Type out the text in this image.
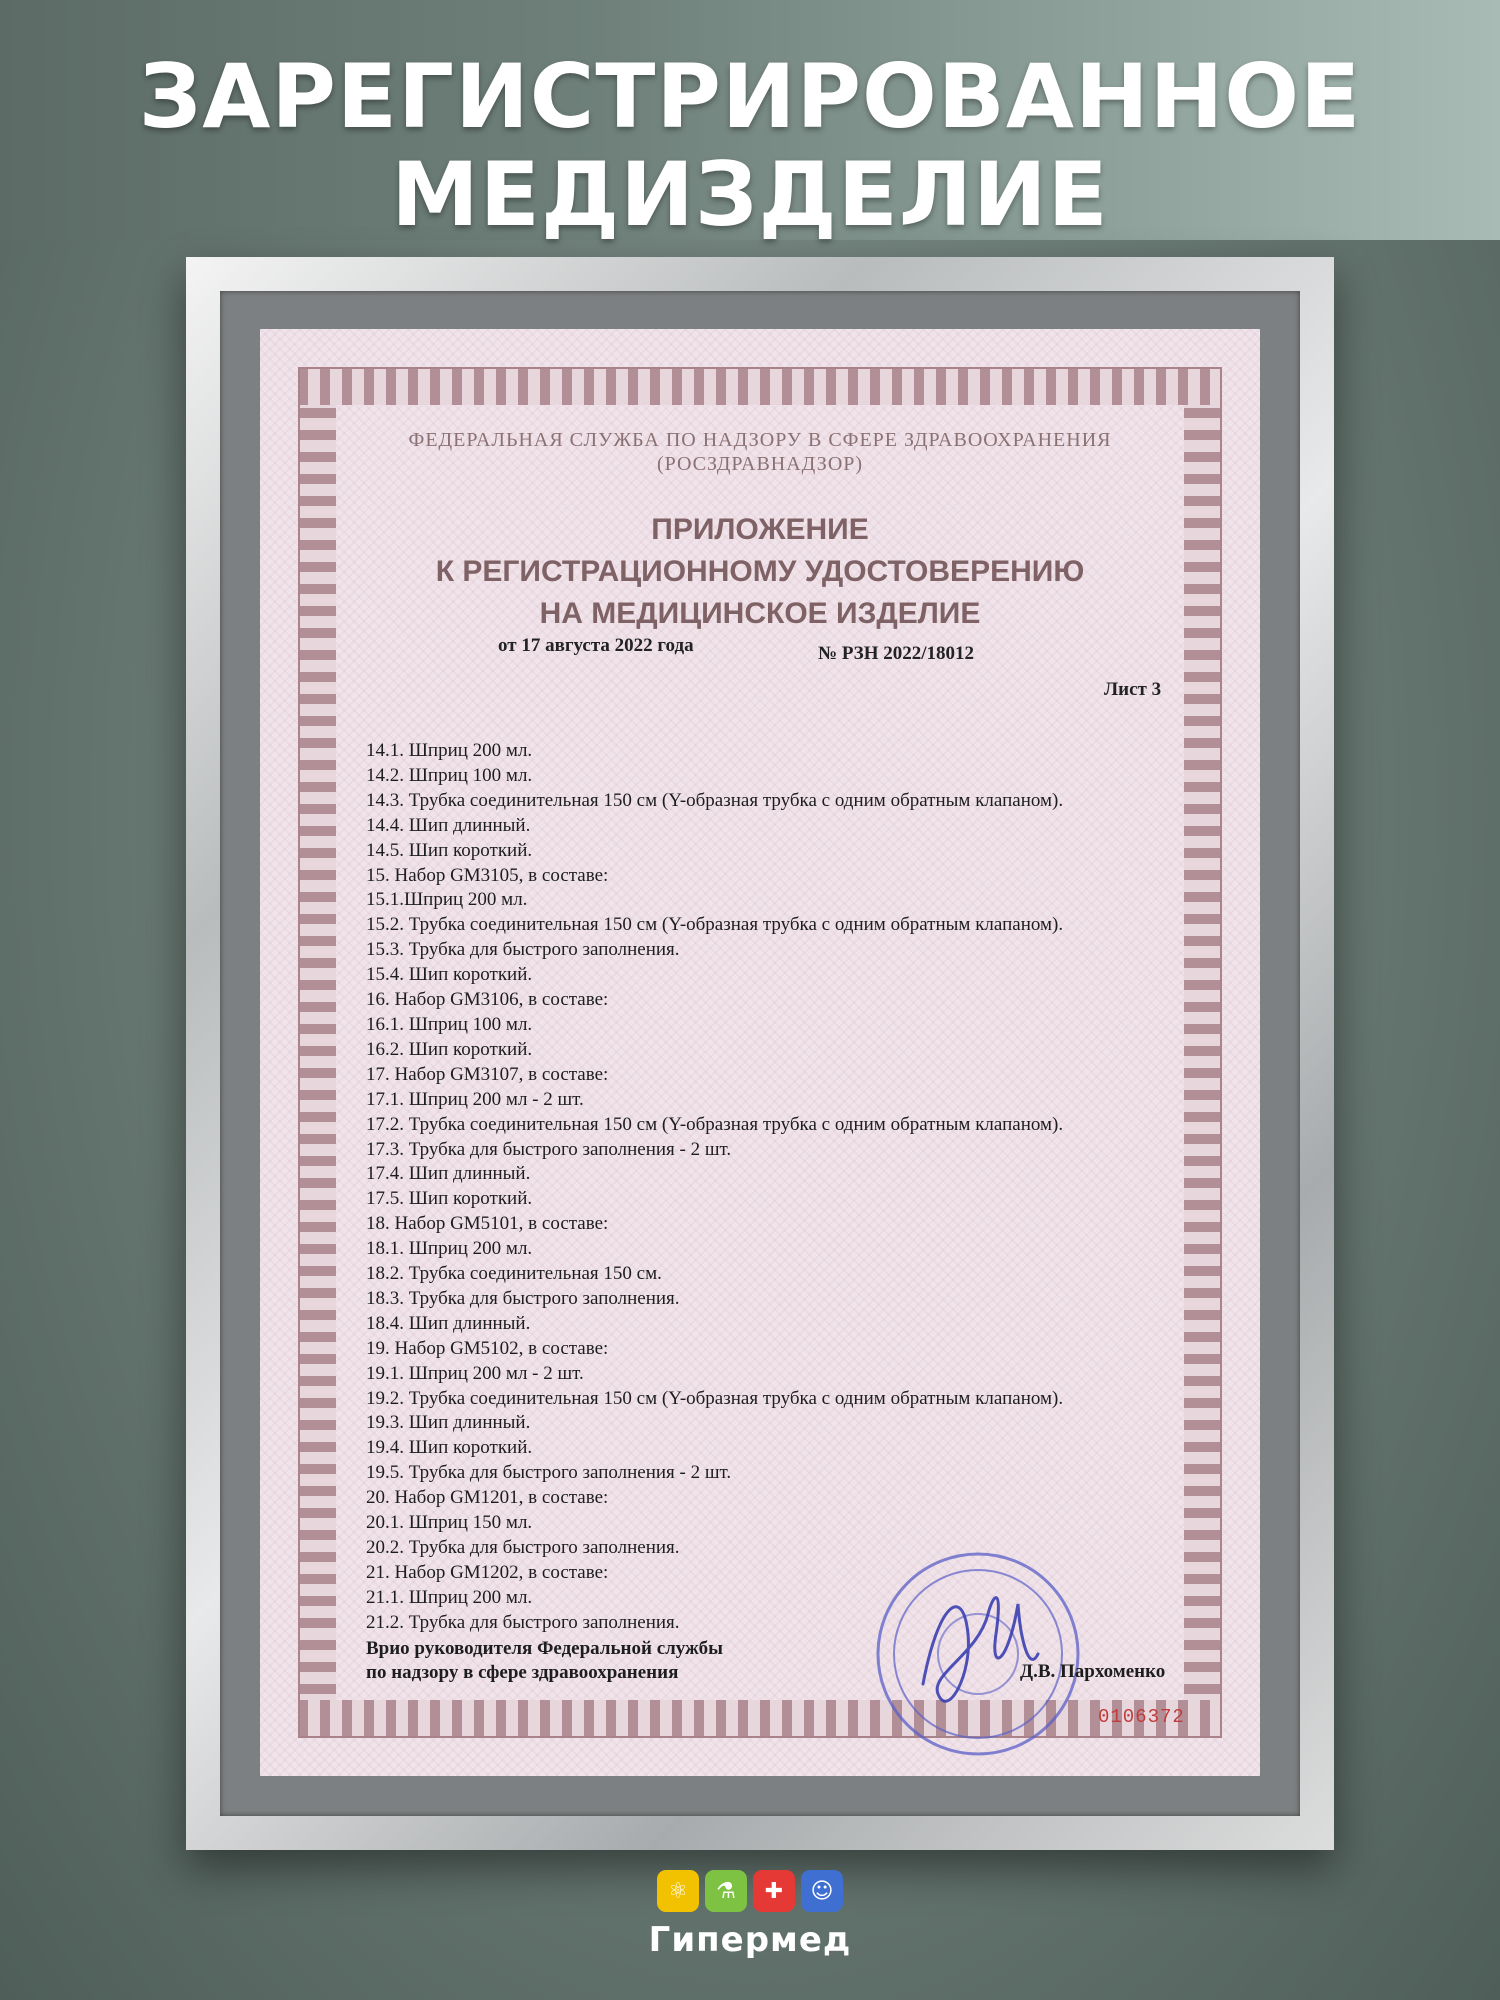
ЗАРЕГИСТРИРОВАННОЕ
МЕДИЗДЕЛИЕ
ФЕДЕРАЛЬНАЯ СЛУЖБА ПО НАДЗОРУ В СФЕРЕ ЗДРАВООХРАНЕНИЯ
(РОСЗДРАВНАДЗОР)
ПРИЛОЖЕНИЕ
К РЕГИСТРАЦИОННОМУ УДОСТОВЕРЕНИЮ
НА МЕДИЦИНСКОЕ ИЗДЕЛИЕ
от 17 августа 2022 года	№ РЗН 2022/18012
Лист 3
14.1. Шприц 200 мл.
14.2. Шприц 100 мл.
14.3. Трубка соединительная 150 см (Y-образная трубка с одним обратным клапаном).
14.4. Шип длинный.
14.5. Шип короткий.
15. Набор GM3105, в составе:
15.1.Шприц 200 мл.
15.2. Трубка соединительная 150 см (Y-образная трубка с одним обратным клапаном).
15.3. Трубка для быстрого заполнения.
15.4. Шип короткий.
16. Набор GM3106, в составе:
16.1. Шприц 100 мл.
16.2. Шип короткий.
17. Набор GM3107, в составе:
17.1. Шприц 200 мл - 2 шт.
17.2. Трубка соединительная 150 см (Y-образная трубка с одним обратным клапаном).
17.3. Трубка для быстрого заполнения - 2 шт.
17.4. Шип длинный.
17.5. Шип короткий.
18. Набор GM5101, в составе:
18.1. Шприц 200 мл.
18.2. Трубка соединительная 150 см.
18.3. Трубка для быстрого заполнения.
18.4. Шип длинный.
19. Набор GM5102, в составе:
19.1. Шприц 200 мл - 2 шт.
19.2. Трубка соединительная 150 см (Y-образная трубка с одним обратным клапаном).
19.3. Шип длинный.
19.4. Шип короткий.
19.5. Трубка для быстрого заполнения - 2 шт.
20. Набор GM1201, в составе:
20.1. Шприц 150 мл.
20.2. Трубка для быстрого заполнения.
21. Набор GM1202, в составе:
21.1. Шприц 200 мл.
21.2. Трубка для быстрого заполнения.
Врио руководителя Федеральной службы
по надзору в сфере здравоохранения	Д.В. Пархоменко
0106372
⚛	⚗	✚	☺
Гипермед
